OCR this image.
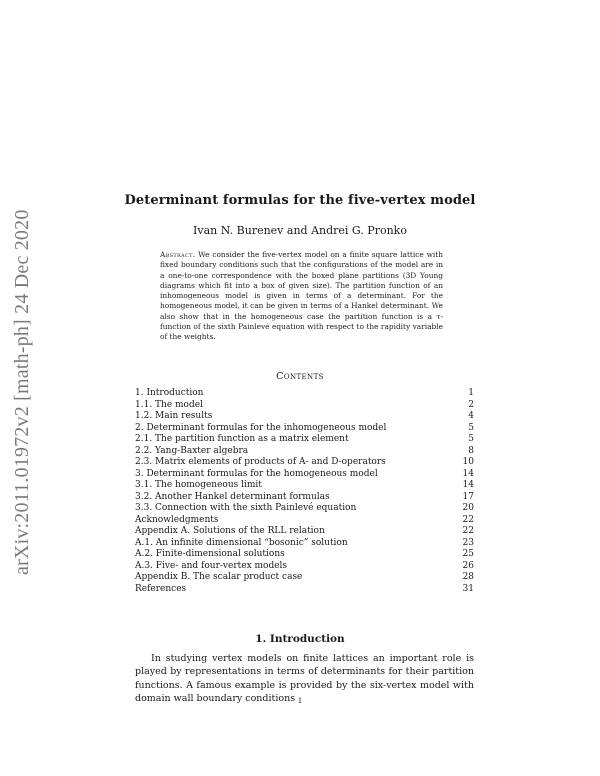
arXiv:2011.01972v2 [math-ph] 24 Dec 2020
Determinant formulas for the five-vertex model
Ivan N. Burenev and Andrei G. Pronko
Abstract. We consider the five-vertex model on a finite square lattice with fixed boundary conditions such that the configurations of the model are in a one-to-one correspondence with the boxed plane partitions (3D Young diagrams which fit into a box of given size). The partition function of an inhomogeneous model is given in terms of a determinant. For the homogeneous model, it can be given in terms of a Hankel determinant. We also show that in the homogeneous case the partition function is a τ-function of the sixth Painlevé equation with respect to the rapidity variable of the weights.
Contents
1. Introduction	1
1.1. The model	2
1.2. Main results	4
2. Determinant formulas for the inhomogeneous model	5
2.1. The partition function as a matrix element	5
2.2. Yang-Baxter algebra	8
2.3. Matrix elements of products of A- and D-operators	10
3. Determinant formulas for the homogeneous model	14
3.1. The homogeneous limit	14
3.2. Another Hankel determinant formulas	17
3.3. Connection with the sixth Painlevé equation	20
Acknowledgments	22
Appendix A. Solutions of the RLL relation	22
A.1. An infinite dimensional “bosonic” solution	23
A.2. Finite-dimensional solutions	25
A.3. Five- and four-vertex models	26
Appendix B. The scalar product case	28
References	31
1. Introduction
In studying vertex models on finite lattices an important role is played by representations in terms of determinants for their partition functions. A famous example is provided by the six-vertex model with domain wall boundary conditions 1
